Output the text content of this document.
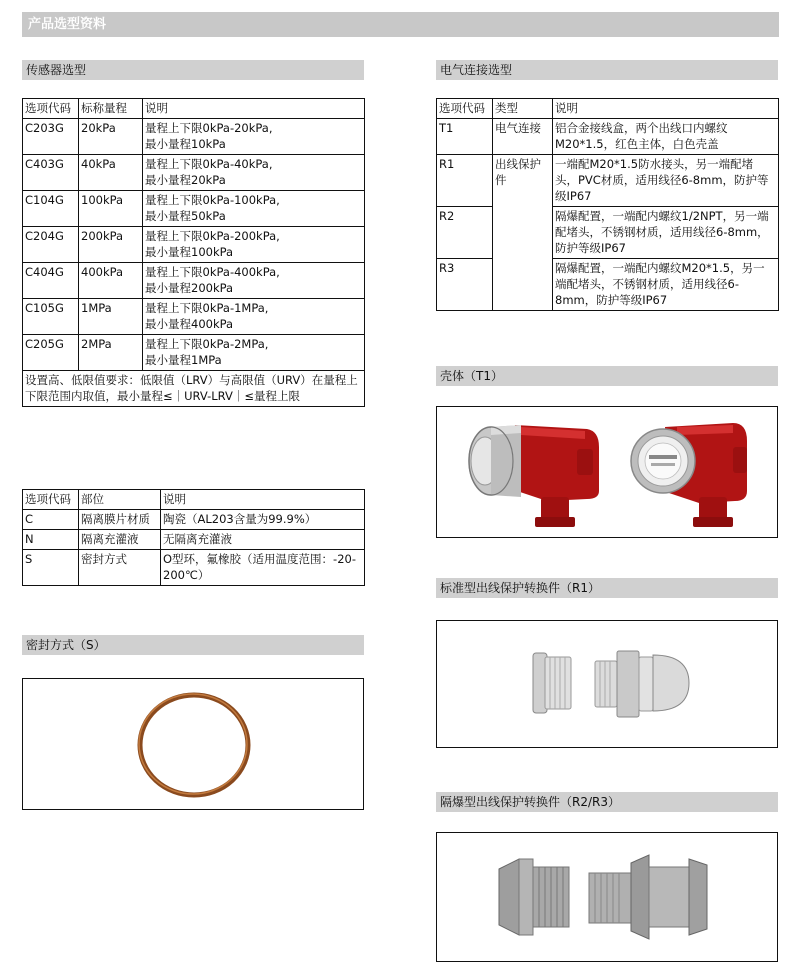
产品选型资料
传感器选型
选项代码	标称量程	说明
C203G	20kPa	量程上下限0kPa-20kPa,
最小量程10kPa

C403G	40kPa	量程上下限0kPa-40kPa,
最小量程20kPa

C104G	100kPa	量程上下限0kPa-100kPa,
最小量程50kPa

C204G	200kPa	量程上下限0kPa-200kPa,
最小量程100kPa

C404G	400kPa	量程上下限0kPa-400kPa,
最小量程200kPa

C105G	1MPa	量程上下限0kPa-1MPa,
最小量程400kPa

C205G	2MPa	量程上下限0kPa-2MPa,
最小量程1MPa

设置高、低限值要求：低限值（LRV）与高限值（URV）在量程上下限范围内取值，最小量程≤｜URV-LRV｜≤量程上限		
选项代码	部位	说明
C	隔离膜片材质	陶瓷（AL203含量为99.9%）
N	隔离充灌液	无隔离充灌液
S	密封方式	O型环，氟橡胶（适用温度范围：-20-200℃）
密封方式（S）
电气连接选型
选项代码	类型	说明
T1	电气连接	铝合金接线盒，两个出线口内螺纹M20*1.5，红色主体，白色壳盖
R1	出线保护件	一端配M20*1.5防水接头，另一端配堵头，PVC材质，适用线径6-8mm，防护等级IP67
R2		隔爆配置，一端配内螺纹1/2NPT，另一端配堵头，不锈钢材质，适用线径6-8mm，防护等级IP67
R3		隔爆配置，一端配内螺纹M20*1.5，另一端配堵头，不锈钢材质，适用线径6-8mm，防护等级IP67
壳体（T1）
标准型出线保护转换件（R1）
隔爆型出线保护转换件（R2/R3）
